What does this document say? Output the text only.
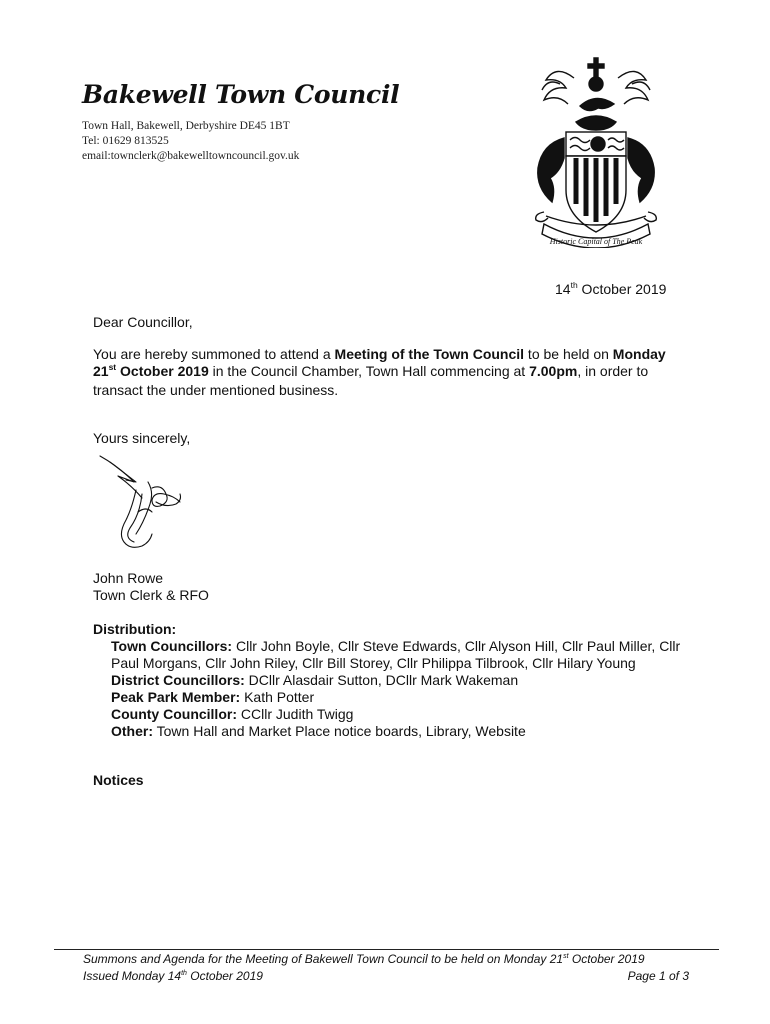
Bakewell Town Council
Town Hall, Bakewell, Derbyshire DE45 1BT
Tel: 01629 813525
email:townclerk@bakewelltowncouncil.gov.uk
Historic Capital of The Peak
14th October 2019
Dear Councillor,
You are hereby summoned to attend a Meeting of the Town Council to be held on Monday 21st October 2019 in the Council Chamber, Town Hall commencing at 7.00pm, in order to transact the under mentioned business.
Yours sincerely,
John Rowe
Town Clerk & RFO
Distribution:
Town Councillors: Cllr John Boyle, Cllr Steve Edwards, Cllr Alyson Hill, Cllr Paul Miller, Cllr Paul Morgans, Cllr John Riley, Cllr Bill Storey, Cllr Philippa Tilbrook, Cllr Hilary Young
District Councillors: DCllr Alasdair Sutton, DCllr Mark Wakeman
Peak Park Member: Kath Potter
County Councillor: CCllr Judith Twigg
Other: Town Hall and Market Place notice boards, Library, Website
Notices
Summons and Agenda for the Meeting of Bakewell Town Council to be held on Monday 21st October 2019
Issued Monday 14th October 2019	Page 1 of 3
